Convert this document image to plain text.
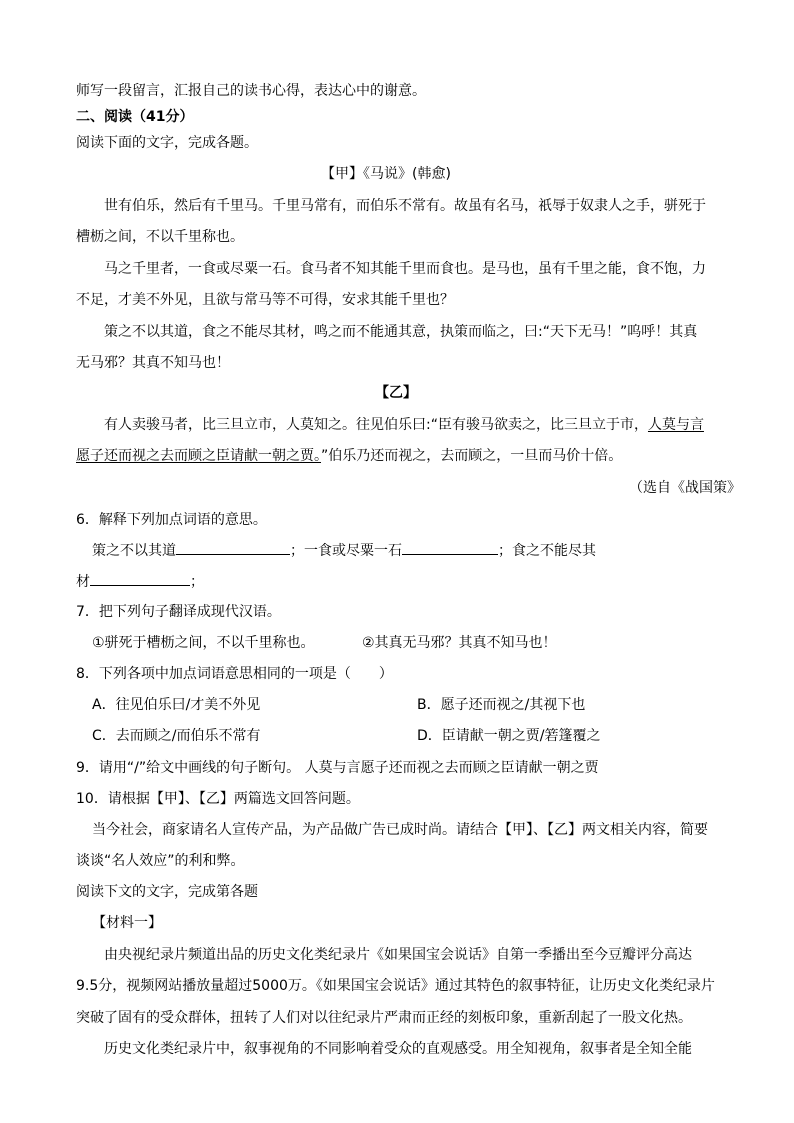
师写一段留言，汇报自己的读书心得，表达心中的谢意。
二、阅读（41分）
阅读下面的文字，完成各题。
【甲】《马说》(韩愈)
世有伯乐，然后有千里马。千里马常有，而伯乐不常有。故虽有名马，祇辱于奴隶人之手，骈死于
槽枥之间，不以千里称也。
马之千里者，一食或尽粟一石。食马者不知其能千里而食也。是马也，虽有千里之能，食不饱，力
不足，才美不外见，且欲与常马等不可得，安求其能千里也？
策之不以其道，食之不能尽其材，鸣之而不能通其意，执策而临之，曰:“天下无马！”呜呼！其真
无马邪？其真不知马也！
【乙】
有人卖骏马者，比三旦立市，人莫知之。往见伯乐曰:“臣有骏马欲卖之，比三旦立于市，人莫与言
愿子还而视之去而顾之臣请献一朝之贾。”伯乐乃还而视之，去而顾之，一旦而马价十倍。
（选自《战国策》
6．解释下列加点词语的意思。
策之不以其道	；一食或尽粟一石	；食之不能尽其
材	；
7．把下列句子翻译成现代汉语。
①骈死于槽枥之间，不以千里称也。	②其真无马邪？其真不知马也！
8．下列各项中加点词语意思相同的一项是（　　）
A．往见伯乐曰/才美不外见	B．愿子还而视之/其视下也
C．去而顾之/而伯乐不常有	D．臣请献一朝之贾/箬篷覆之
9．请用“/”给文中画线的句子断句。 人莫与言愿子还而视之去而顾之臣请献一朝之贾
10．请根据【甲】、【乙】两篇选文回答问题。
当今社会，商家请名人宣传产品，为产品做广告已成时尚。请结合【甲】、【乙】两文相关内容，简要
谈谈“名人效应”的利和弊。
阅读下文的文字，完成第各题
【材料一】
由央视纪录片频道出品的历史文化类纪录片《如果国宝会说话》自第一季播出至今豆瓣评分高达
9.5分，视频网站播放量超过5000万。《如果国宝会说话》通过其特色的叙事特征，让历史文化类纪录片
突破了固有的受众群体，扭转了人们对以往纪录片严肃而正经的刻板印象，重新刮起了一股文化热。
历史文化类纪录片中，叙事视角的不同影响着受众的直观感受。用全知视角，叙事者是全知全能
